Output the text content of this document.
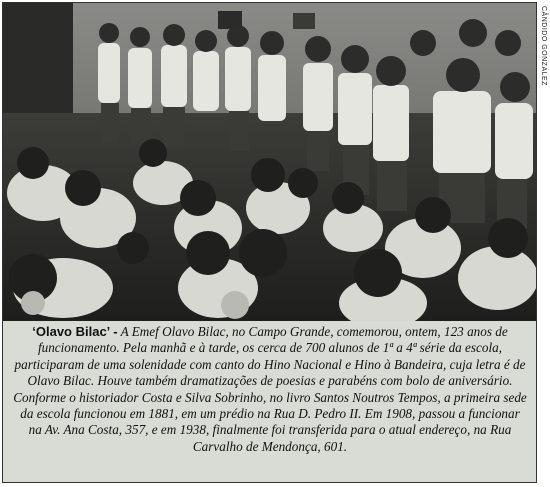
‘Olavo Bilac’ - A Emef Olavo Bilac, no Campo Grande, comemorou, ontem, 123 anos de funcionamento. Pela manhã e à tarde, os cerca de 700 alunos de 1ª a 4ª série da escola, participaram de uma solenidade com canto do Hino Nacional e Hino à Bandeira, cuja letra é de Olavo Bilac. Houve também dramatizações de poesias e parabéns com bolo de aniversário. Conforme o historiador Costa e Silva Sobrinho, no livro Santos Noutros Tempos, a primeira sede da escola funcionou em 1881, em um prédio na Rua D. Pedro II. Em 1908, passou a funcionar na Av. Ana Costa, 357, e em 1938, finalmente foi transferida para o atual endereço, na Rua Carvalho de Mendonça, 601.
CÂNDIDO GONZALEZ
